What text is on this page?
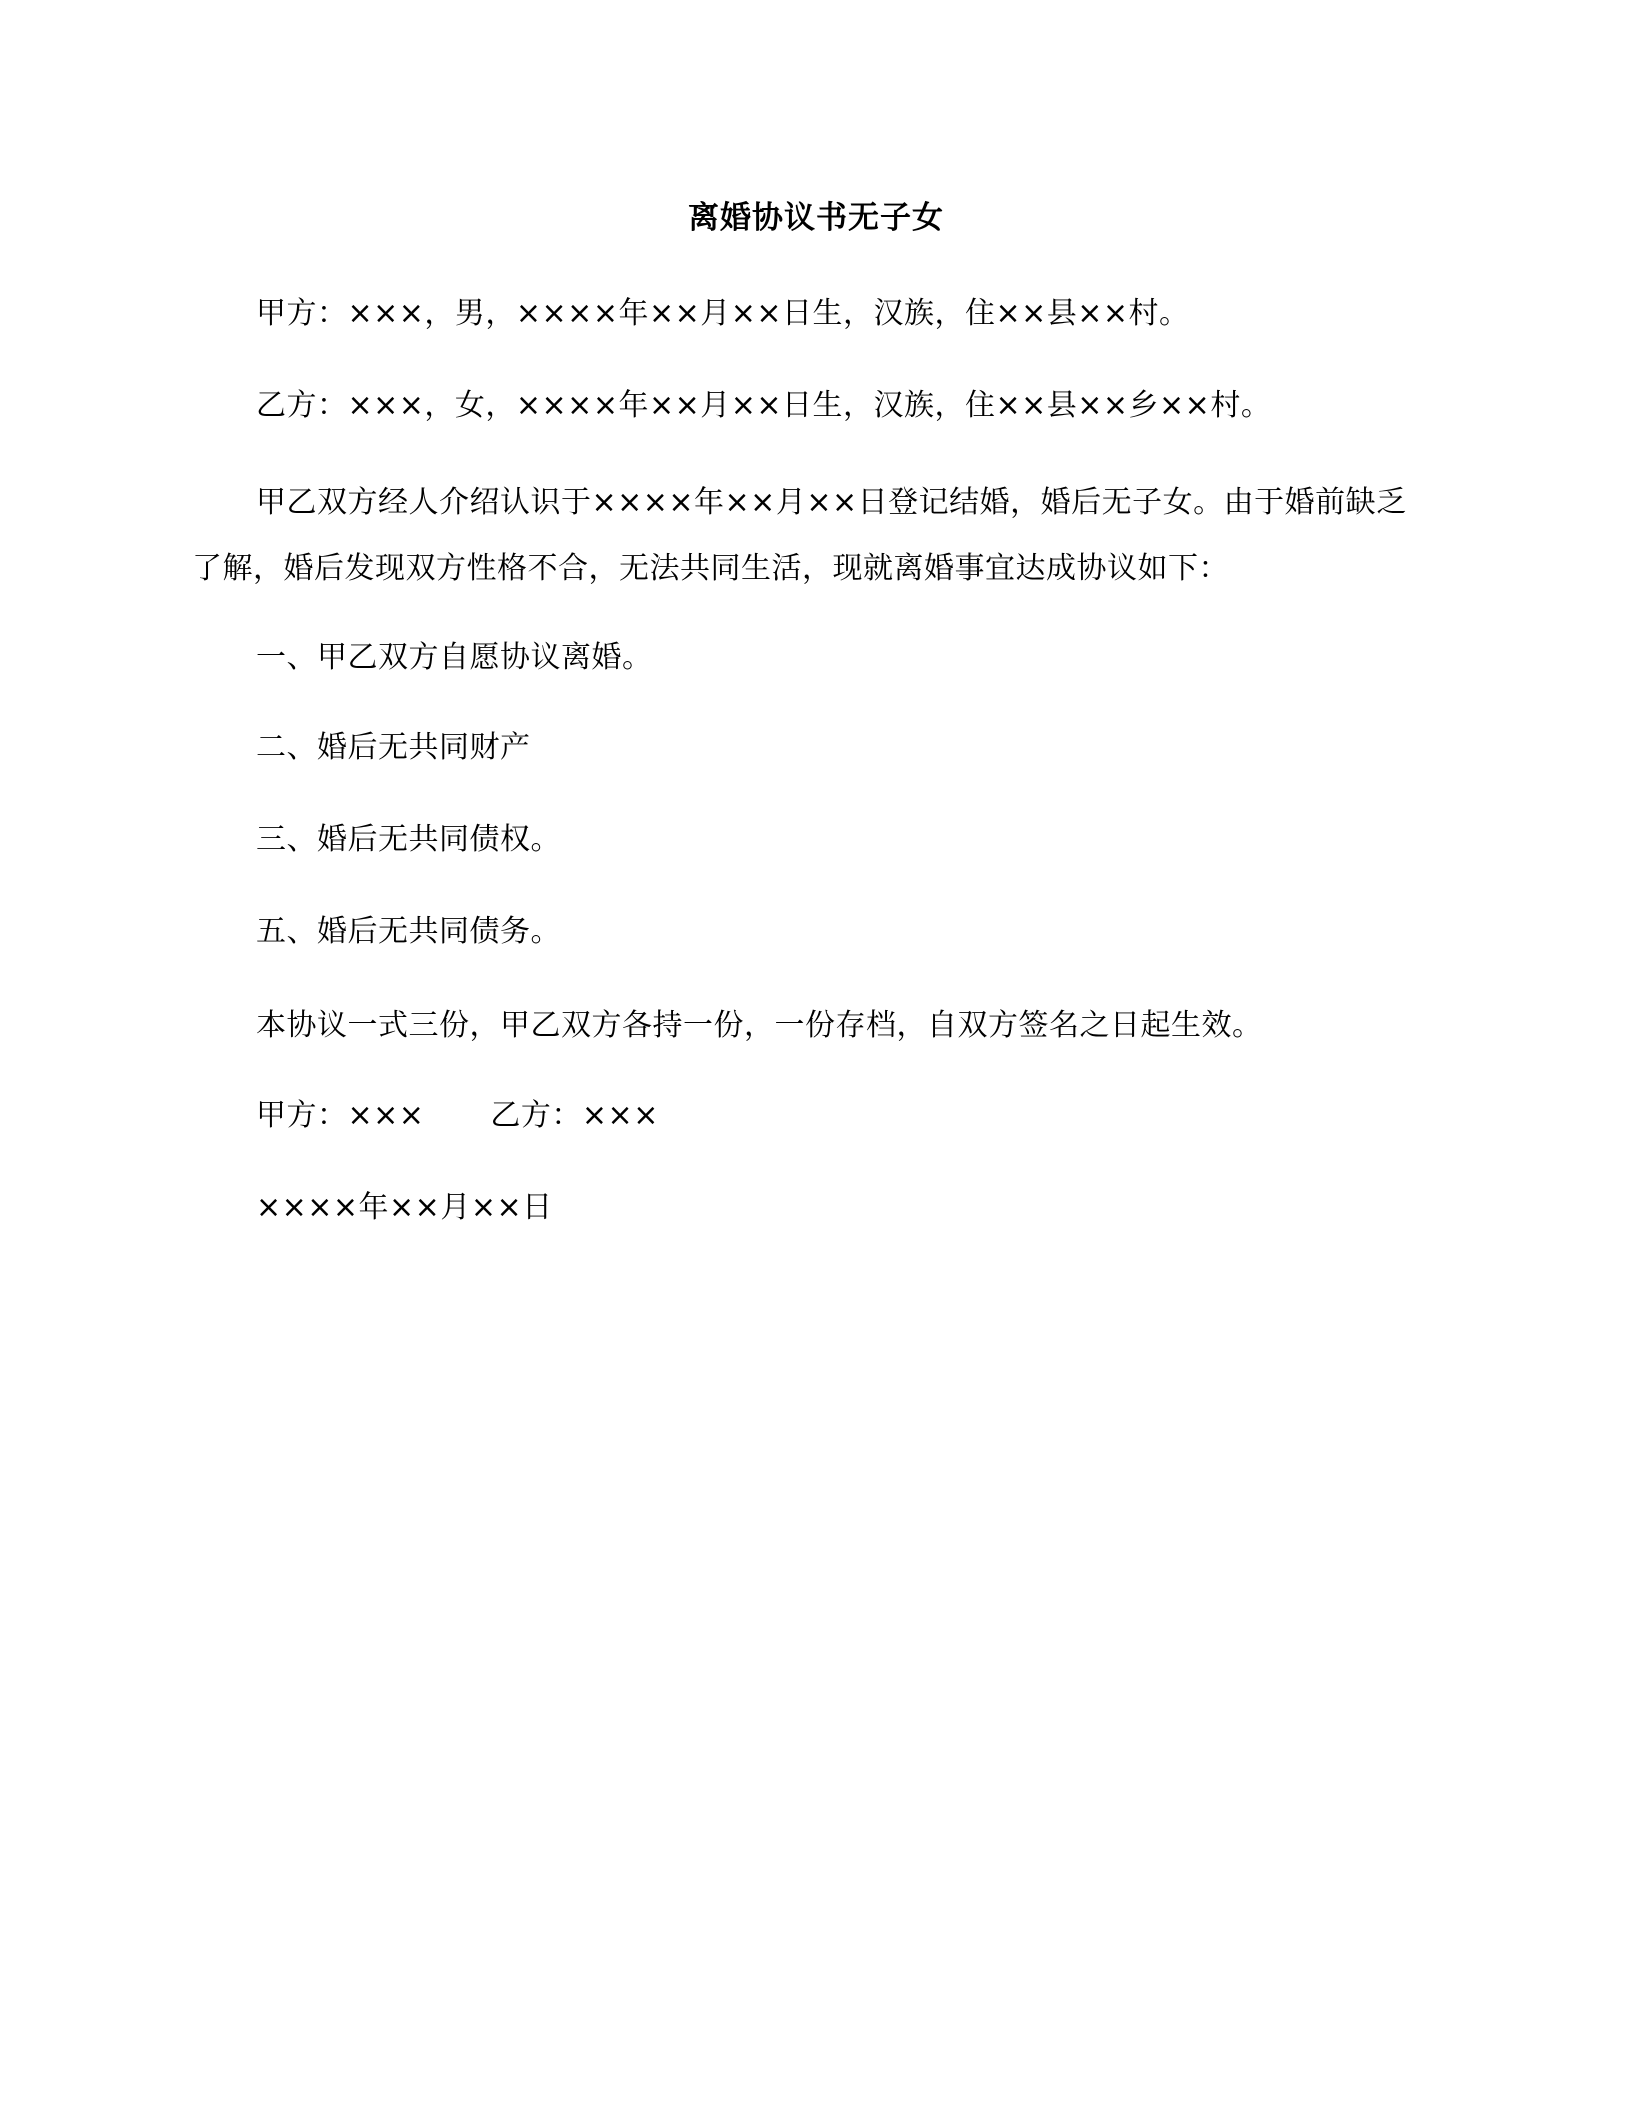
离婚协议书无子女
甲方：×××，男，××××年××月××日生，汉族，住××县××村。
乙方：×××，女，××××年××月××日生，汉族，住××县××乡××村。
甲乙双方经人介绍认识于××××年××月××日登记结婚，婚后无子女。由于婚前缺乏了解，婚后发现双方性格不合，无法共同生活，现就离婚事宜达成协议如下：
一、甲乙双方自愿协议离婚。
二、婚后无共同财产
三、婚后无共同债权。
五、婚后无共同债务。
本协议一式三份，甲乙双方各持一份，一份存档，自双方签名之日起生效。
甲方：××× 乙方：×××
××××年××月××日
